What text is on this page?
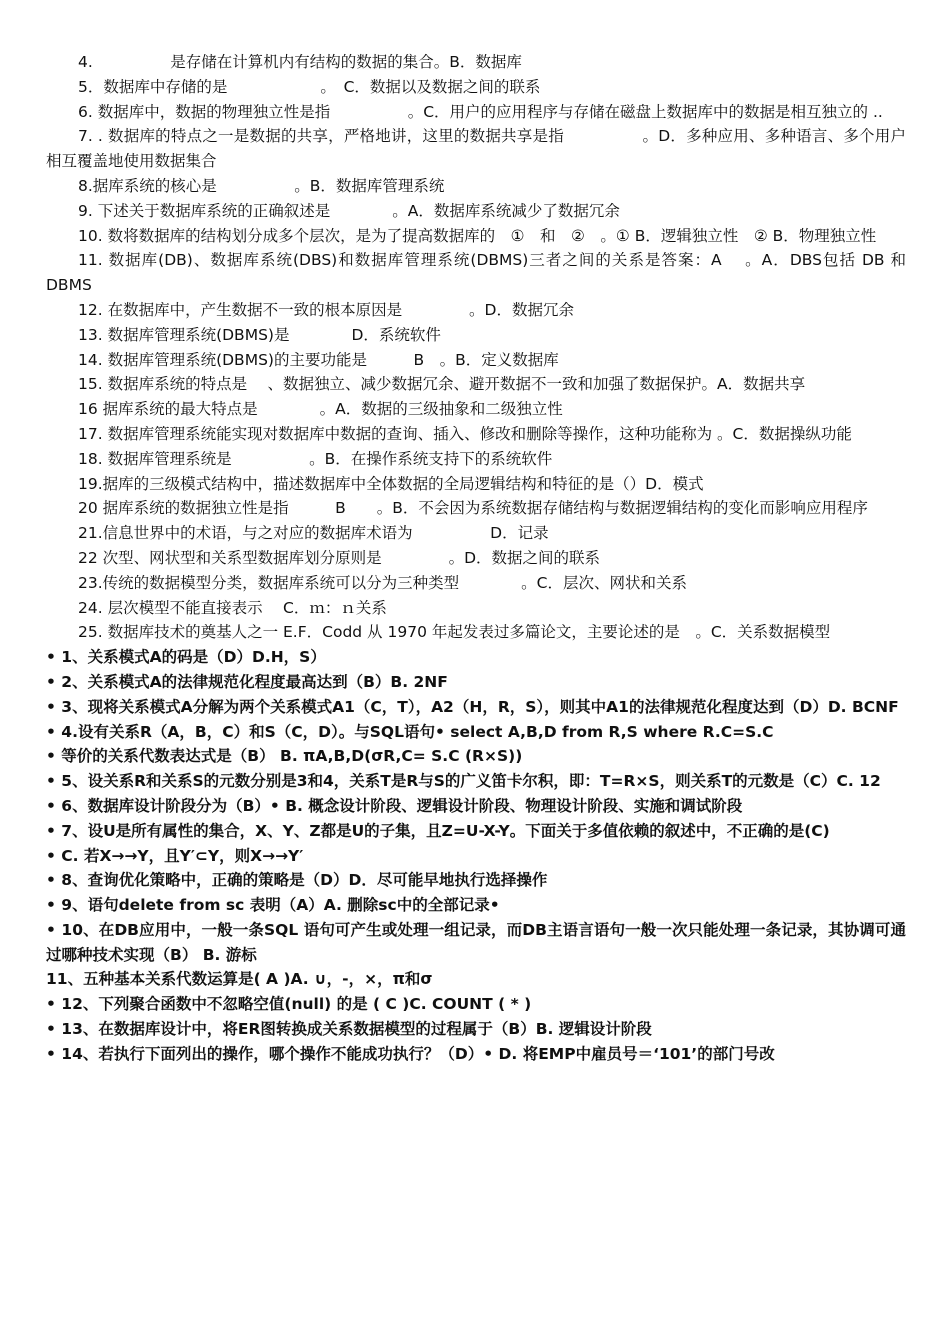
4.　　　　　是存储在计算机内有结构的数据的集合。B．数据库

5．数据库中存储的是　　　　　　。　C．数据以及数据之间的联系

6. 数据库中，数据的物理独立性是指　　　　　。C．用户的应用程序与存储在磁盘上数据库中的数据是相互独立的 ..

7. . 数据库的特点之一是数据的共享，严格地讲，这里的数据共享是指　　　　　。D．多种应用、多种语言、多个用户相互覆盖地使用数据集合

8.据库系统的核心是　　　　　。B．数据库管理系统

9. 下述关于数据库系统的正确叙述是　　　　。A．数据库系统减少了数据冗余

10. 数将数据库的结构划分成多个层次，是为了提高数据库的　①　和　②　。① B．逻辑独立性　② B．物理独立性

11. 数据库(DB)、数据库系统(DBS)和数据库管理系统(DBMS)三者之间的关系是答案：A　 。A．DBS包括 DB 和 DBMS

12. 在数据库中，产生数据不一致的根本原因是　　　　 。D．数据冗余

13. 数据库管理系统(DBMS)是　　　　D．系统软件

14. 数据库管理系统(DBMS)的主要功能是　　　B　。B．定义数据库

15. 数据库系统的特点是　 、数据独立、减少数据冗余、避开数据不一致和加强了数据保护。A．数据共享

16 据库系统的最大特点是　　　　。A．数据的三级抽象和二级独立性

17. 数据库管理系统能实现对数据库中数据的查询、插入、修改和删除等操作，这种功能称为 。C．数据操纵功能

18. 数据库管理系统是　　　　　。B．在操作系统支持下的系统软件

19.据库的三级模式结构中，描述数据库中全体数据的全局逻辑结构和特征的是（）D．模式

20 据库系统的数据独立性是指　　　B　　。B．不会因为系统数据存储结构与数据逻辑结构的变化而影响应用程序

21.信息世界中的术语，与之对应的数据库术语为　　　　　D．记录

22 次型、网状型和关系型数据库划分原则是　　　　 。D．数据之间的联系

23.传统的数据模型分类，数据库系统可以分为三种类型　　　　。C．层次、网状和关系

24. 层次模型不能直接表示　 C．ｍ：ｎ关系

25. 数据库技术的奠基人之一 E.F．Codd 从 1970 年起发表过多篇论文，主要论述的是　。C．关系数据模型

• 1、关系模式A的码是（D）D.H，S）

• 2、关系模式A的法律规范化程度最高达到（B）B. 2NF

• 3、现将关系模式A分解为两个关系模式A1（C，T），A2（H，R，S），则其中A1的法律规范化程度达到（D）D. BCNF

• 4.设有关系R（A，B，C）和S（C，D）。与SQL语句• select A,B,D from R,S where R.C=S.C

• 等价的关系代数表达式是（B） B. πA,B,D(σR,C= S.C (R×S))

• 5、设关系R和关系S的元数分别是3和4，关系T是R与S的广义笛卡尔积，即：T=R×S，则关系T的元数是（C）C. 12

• 6、数据库设计阶段分为（B）• B. 概念设计阶段、逻辑设计阶段、物理设计阶段、实施和调试阶段

• 7、设U是所有属性的集合，X、Y、Z都是U的子集，且Z=U-X-Y。下面关于多值依赖的叙述中，不正确的是(C)

• C. 若X→→Y，且Y′⊂Y，则X→→Y′

• 8、查询优化策略中，正确的策略是（D）D．尽可能早地执行选择操作

• 9、语句delete from sc 表明（A）A. 删除sc中的全部记录•

• 10、在DB应用中，一般一条SQL 语句可产生或处理一组记录，而DB主语言语句一般一次只能处理一条记录，其协调可通过哪种技术实现（B） B. 游标

11、五种基本关系代数运算是( A )A. ∪，-，×，π和σ

• 12、下列聚合函数中不忽略空值(null) 的是 ( C )C. COUNT ( * )

• 13、在数据库设计中，将ER图转换成关系数据模型的过程属于（B）B. 逻辑设计阶段

• 14、若执行下面列出的操作，哪个操作不能成功执行？（D）• D. 将EMP中雇员号＝‘101’的部门号改
